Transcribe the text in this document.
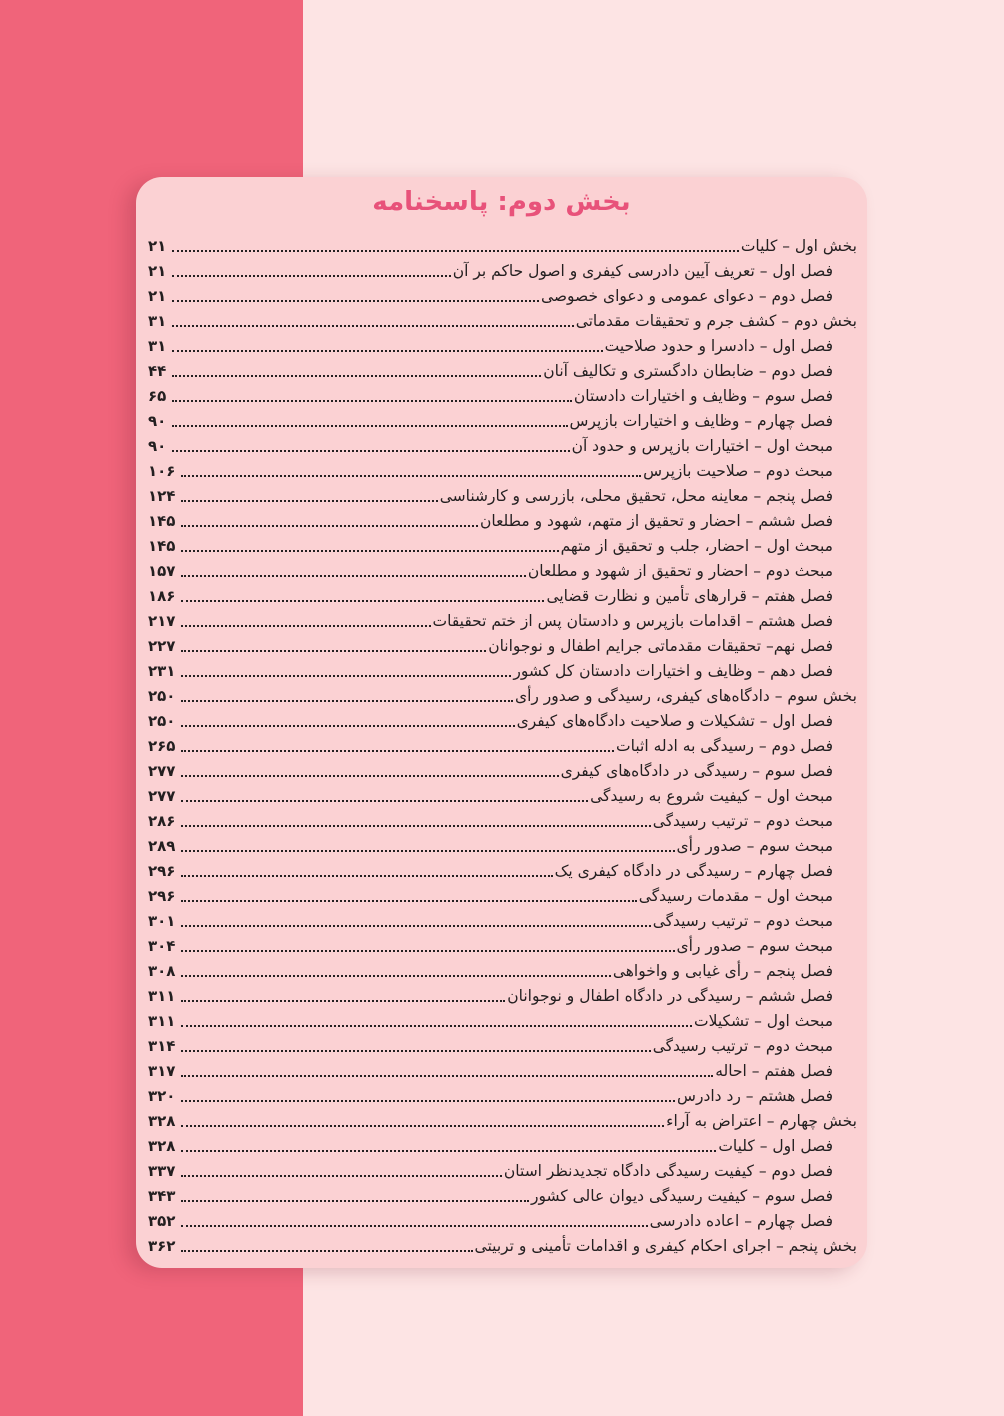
بخش دوم: پاسخنامه
بخش اول – کلیات
۲۱
فصل اول – تعریف آیین دادرسی کیفری و اصول حاکم بر آن
۲۱
فصل دوم – دعوای عمومی و دعوای خصوصی
۲۱
بخش دوم – کشف جرم و تحقیقات مقدماتی
۳۱
فصل اول – دادسرا و حدود صلاحیت
۳۱
فصل دوم – ضابطان دادگستری و تکالیف آنان
۴۴
فصل سوم – وظایف و اختیارات دادستان
۶۵
فصل چهارم – وظایف و اختیارات بازپرس
۹۰
مبحث اول – اختیارات بازپرس و حدود آن
۹۰
مبحث دوم – صلاحیت بازپرس
۱۰۶
فصل پنجم – معاینه محل، تحقیق محلی، بازرسی و کارشناسی
۱۲۴
فصل ششم – احضار و تحقیق از متهم، شهود و مطلعان
۱۴۵
مبحث اول – احضار، جلب و تحقیق از متهم
۱۴۵
مبحث دوم – احضار و تحقیق از شهود و مطلعان
۱۵۷
فصل هفتم – قرارهای تأمین و نظارت قضایی
۱۸۶
فصل هشتم – اقدامات بازپرس و دادستان پس از ختم تحقیقات
۲۱۷
فصل نهم– تحقیقات مقدماتی جرایم اطفال و نوجوانان
۲۲۷
فصل دهم – وظایف و اختیارات دادستان کل کشور
۲۳۱
بخش سوم – دادگاه‌های کیفری، رسیدگی و صدور رأی
۲۵۰
فصل اول – تشکیلات و صلاحیت دادگاه‌های کیفری
۲۵۰
فصل دوم – رسیدگی به ادله اثبات
۲۶۵
فصل سوم – رسیدگی در دادگاه‌های کیفری
۲۷۷
مبحث اول – کیفیت شروع به رسیدگی
۲۷۷
مبحث دوم – ترتیب رسیدگی
۲۸۶
مبحث سوم – صدور رأی
۲۸۹
فصل چهارم – رسیدگی در دادگاه کیفری یک
۲۹۶
مبحث اول – مقدمات رسیدگی
۲۹۶
مبحث دوم – ترتیب رسیدگی
۳۰۱
مبحث سوم – صدور رأی
۳۰۴
فصل پنجم – رأی غیابی و واخواهی
۳۰۸
فصل ششم – رسیدگی در دادگاه اطفال و نوجوانان
۳۱۱
مبحث اول – تشکیلات
۳۱۱
مبحث دوم – ترتیب رسیدگی
۳۱۴
فصل هفتم – احاله
۳۱۷
فصل هشتم – رد دادرس
۳۲۰
بخش چهارم – اعتراض به آراء
۳۲۸
فصل اول – کلیات
۳۲۸
فصل دوم – کیفیت رسیدگی دادگاه تجدیدنظر استان
۳۳۷
فصل سوم – کیفیت رسیدگی دیوان عالی کشور
۳۴۳
فصل چهارم – اعاده دادرسی
۳۵۲
بخش پنجم – اجرای احکام کیفری و اقدامات تأمینی و تربیتی
۳۶۲
